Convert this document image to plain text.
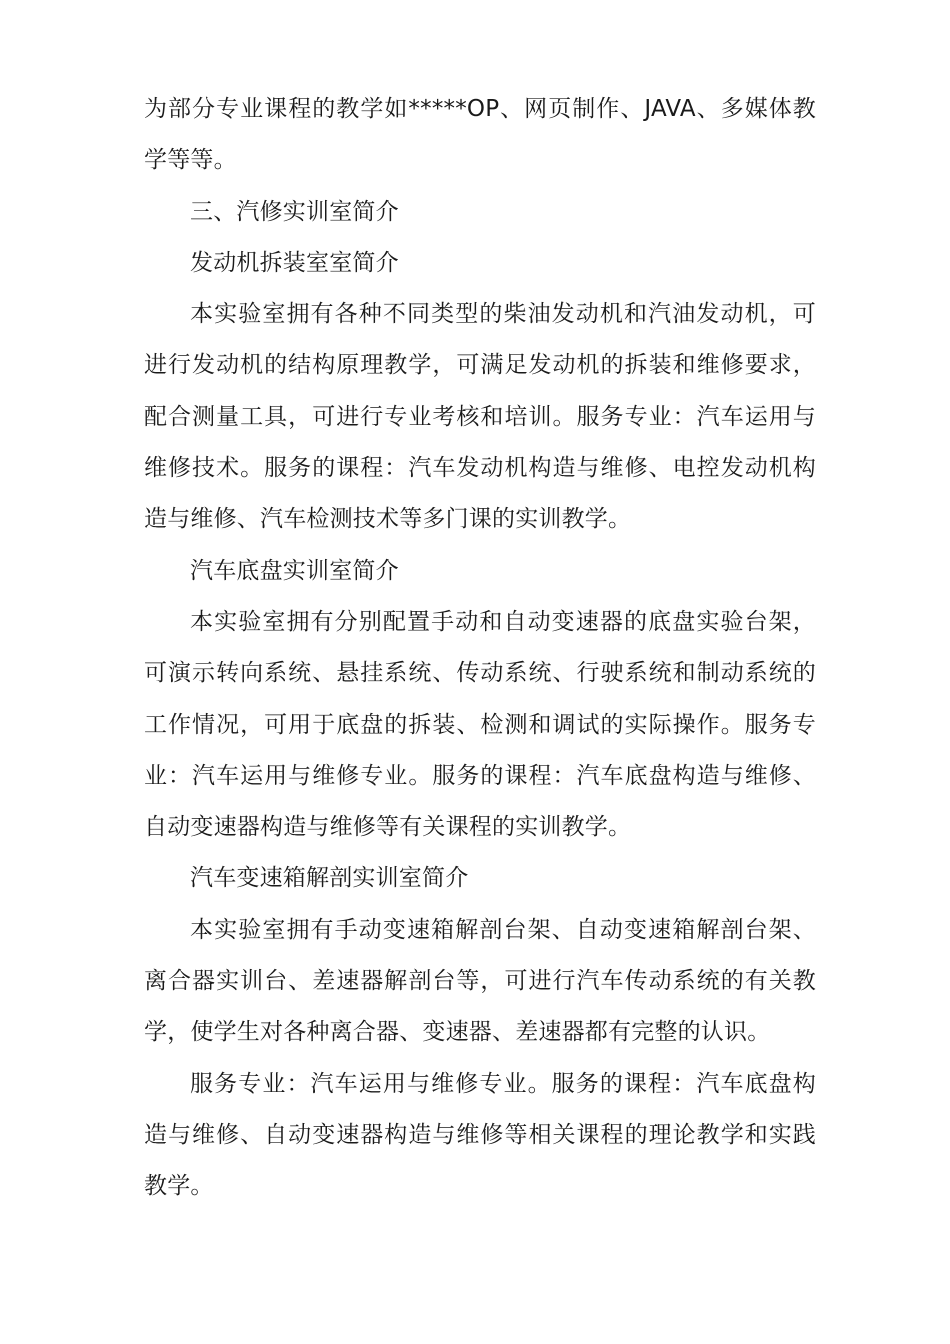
为部分专业课程的教学如*****OP、网页制作、JAVA、多媒体教学等等。

三、汽修实训室简介

发动机拆装室室简介

本实验室拥有各种不同类型的柴油发动机和汽油发动机，可进行发动机的结构原理教学，可满足发动机的拆装和维修要求，配合测量工具，可进行专业考核和培训。服务专业：汽车运用与维修技术。服务的课程：汽车发动机构造与维修、电控发动机构造与维修、汽车检测技术等多门课的实训教学。

汽车底盘实训室简介

本实验室拥有分别配置手动和自动变速器的底盘实验台架，可演示转向系统、悬挂系统、传动系统、行驶系统和制动系统的工作情况，可用于底盘的拆装、检测和调试的实际操作。服务专业：汽车运用与维修专业。服务的课程：汽车底盘构造与维修、自动变速器构造与维修等有关课程的实训教学。

汽车变速箱解剖实训室简介

本实验室拥有手动变速箱解剖台架、自动变速箱解剖台架、离合器实训台、差速器解剖台等，可进行汽车传动系统的有关教学，使学生对各种离合器、变速器、差速器都有完整的认识。

服务专业：汽车运用与维修专业。服务的课程：汽车底盘构造与维修、自动变速器构造与维修等相关课程的理论教学和实践教学。
